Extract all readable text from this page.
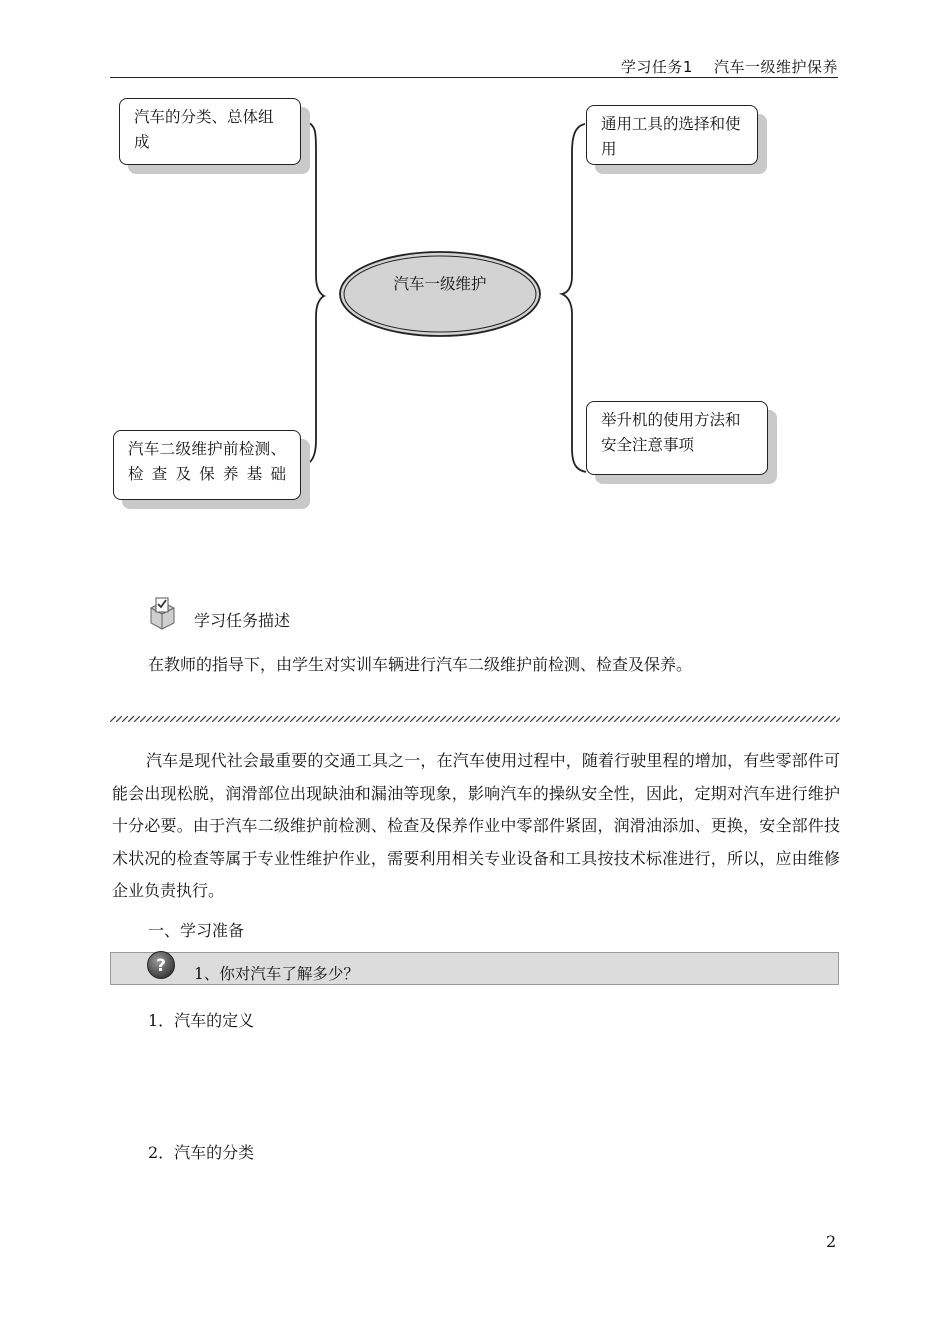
学习任务1 汽车一级维护保养
汽车一级维护
汽车的分类、总体组成
通用工具的选择和使用
汽车二级维护前检测、检查及保养基础
举升机的使用方法和安全注意事项
学习任务描述
在教师的指导下，由学生对实训车辆进行汽车二级维护前检测、检查及保养。

汽车是现代社会最重要的交通工具之一，在汽车使用过程中，随着行驶里程的增加，有些零部件可能会出现松脱，润滑部位出现缺油和漏油等现象，影响汽车的操纵安全性，因此，定期对汽车进行维护十分必要。由于汽车二级维护前检测、检查及保养作业中零部件紧固，润滑油添加、更换，安全部件技术状况的检查等属于专业性维护作业，需要利用相关专业设备和工具按技术标准进行，所以，应由维修企业负责执行。

一、学习准备
? 1、你对汽车了解多少？
1．汽车的定义
2．汽车的分类
2
